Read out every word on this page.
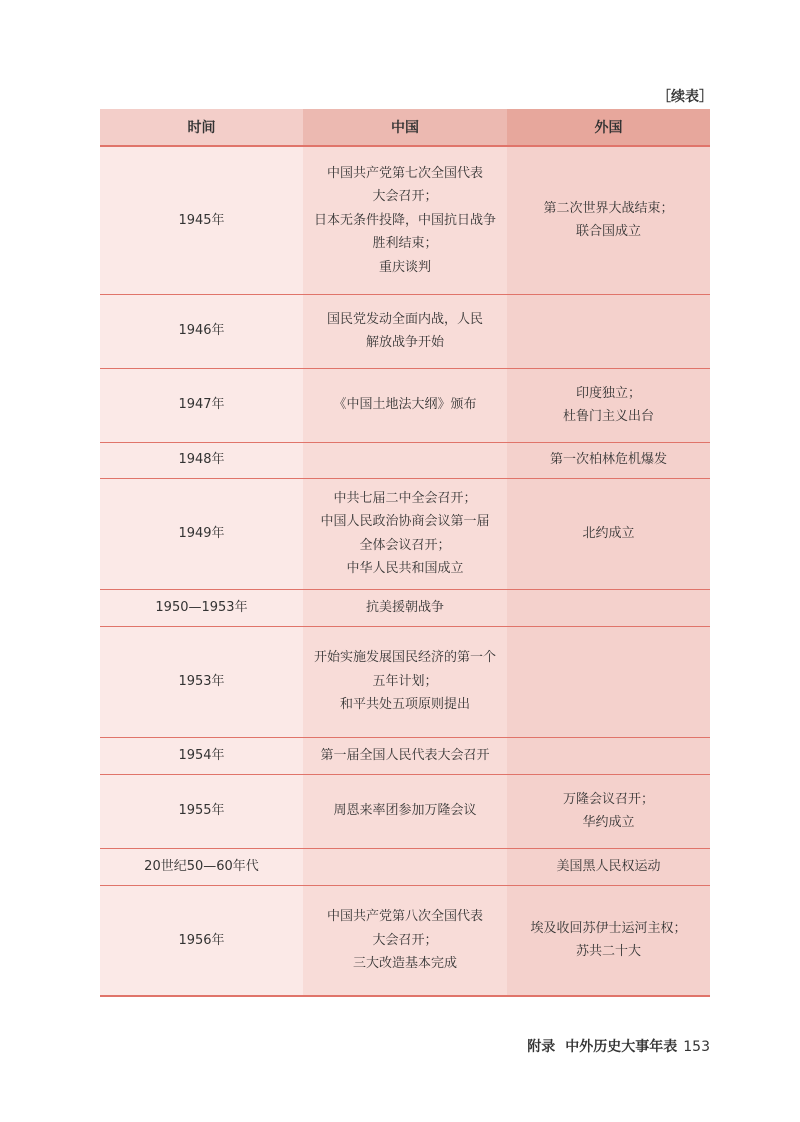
［续表］
时间	中国	外国
1945年	中国共产党第七次全国代表
大会召开；
日本无条件投降，中国抗日战争
胜利结束；
重庆谈判	第二次世界大战结束；
联合国成立

1946年	国民党发动全面内战，人民
解放战争开始	

1947年	《中国土地法大纲》颁布	印度独立；
杜鲁门主义出台

1948年		第一次柏林危机爆发

1949年	中共七届二中全会召开；
中国人民政治协商会议第一届
全体会议召开；
中华人民共和国成立	北约成立

1950—1953年	抗美援朝战争	

1953年	开始实施发展国民经济的第一个
五年计划；
和平共处五项原则提出	

1954年	第一届全国人民代表大会召开	

1955年	周恩来率团参加万隆会议	万隆会议召开；
华约成立

20世纪50—60年代		美国黑人民权运动

1956年	中国共产党第八次全国代表
大会召开；
三大改造基本完成	埃及收回苏伊士运河主权；
苏共二十大
附录 中外历史大事年表 153
